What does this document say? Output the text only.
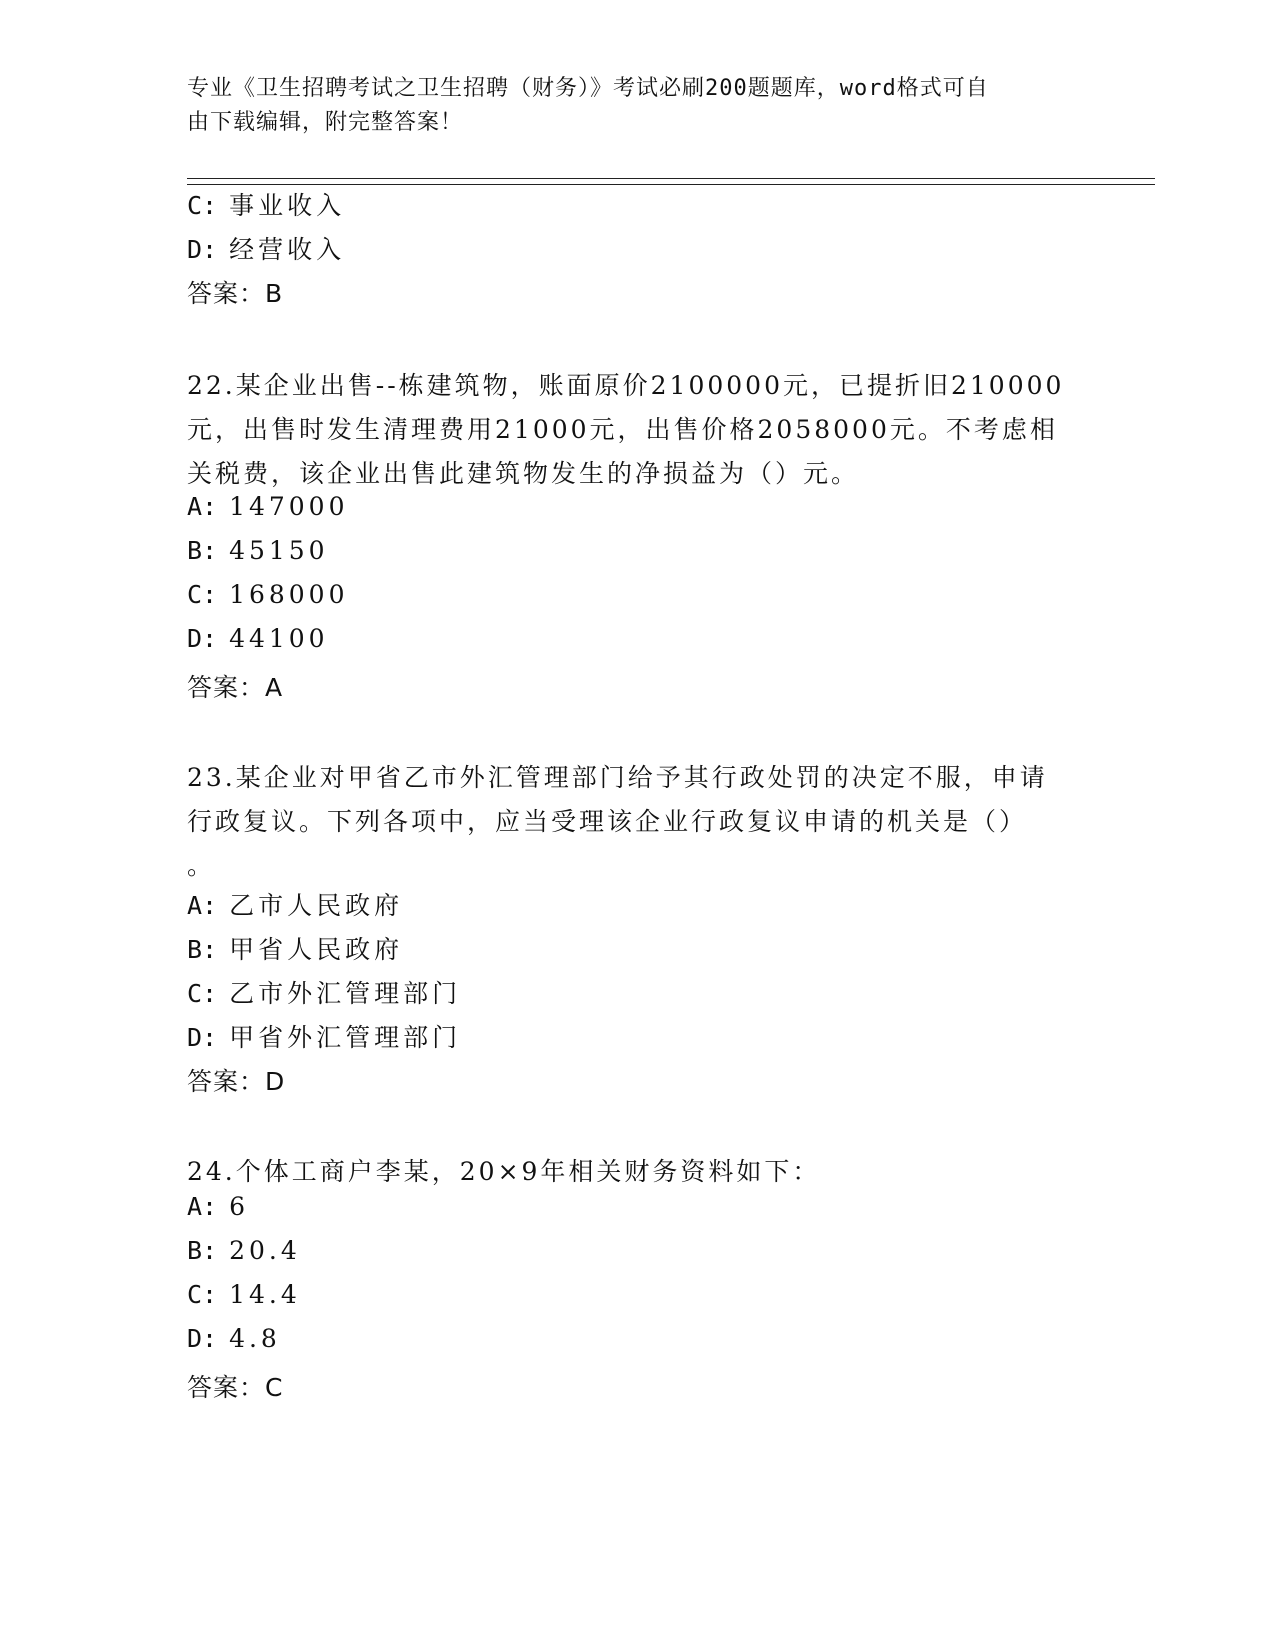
专业《卫生招聘考试之卫生招聘（财务）》考试必刷200题题库，word格式可自
由下载编辑，附完整答案！
C: 事业收入
D: 经营收入
答案：B
22.某企业出售--栋建筑物，账面原价2100000元，已提折旧210000
元，出售时发生清理费用21000元，出售价格2058000元。不考虑相
关税费，该企业出售此建筑物发生的净损益为（）元。
A: 147000
B: 45150
C: 168000
D: 44100
答案：A
23.某企业对甲省乙市外汇管理部门给予其行政处罚的决定不服，申请
行政复议。下列各项中，应当受理该企业行政复议申请的机关是（）
。
A: 乙市人民政府
B: 甲省人民政府
C: 乙市外汇管理部门
D: 甲省外汇管理部门
答案：D
24.个体工商户李某，20×9年相关财务资料如下：
A: 6
B: 20.4
C: 14.4
D: 4.8
答案：C
